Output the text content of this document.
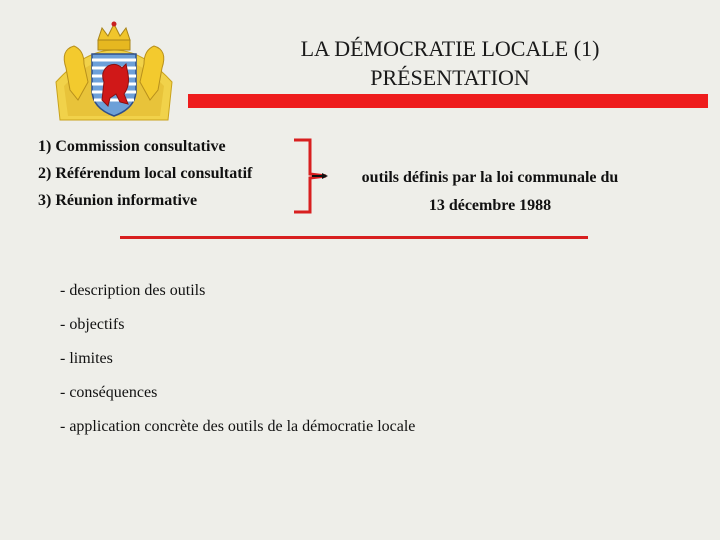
LA DÉMOCRATIE LOCALE (1)
PRÉSENTATION
1) Commission consultative
2) Référendum local consultatif
3) Réunion informative
outils définis par la loi communale du
13 décembre 1988
- description des outils
- objectifs
- limites
- conséquences
- application concrète des outils de la démocratie locale
